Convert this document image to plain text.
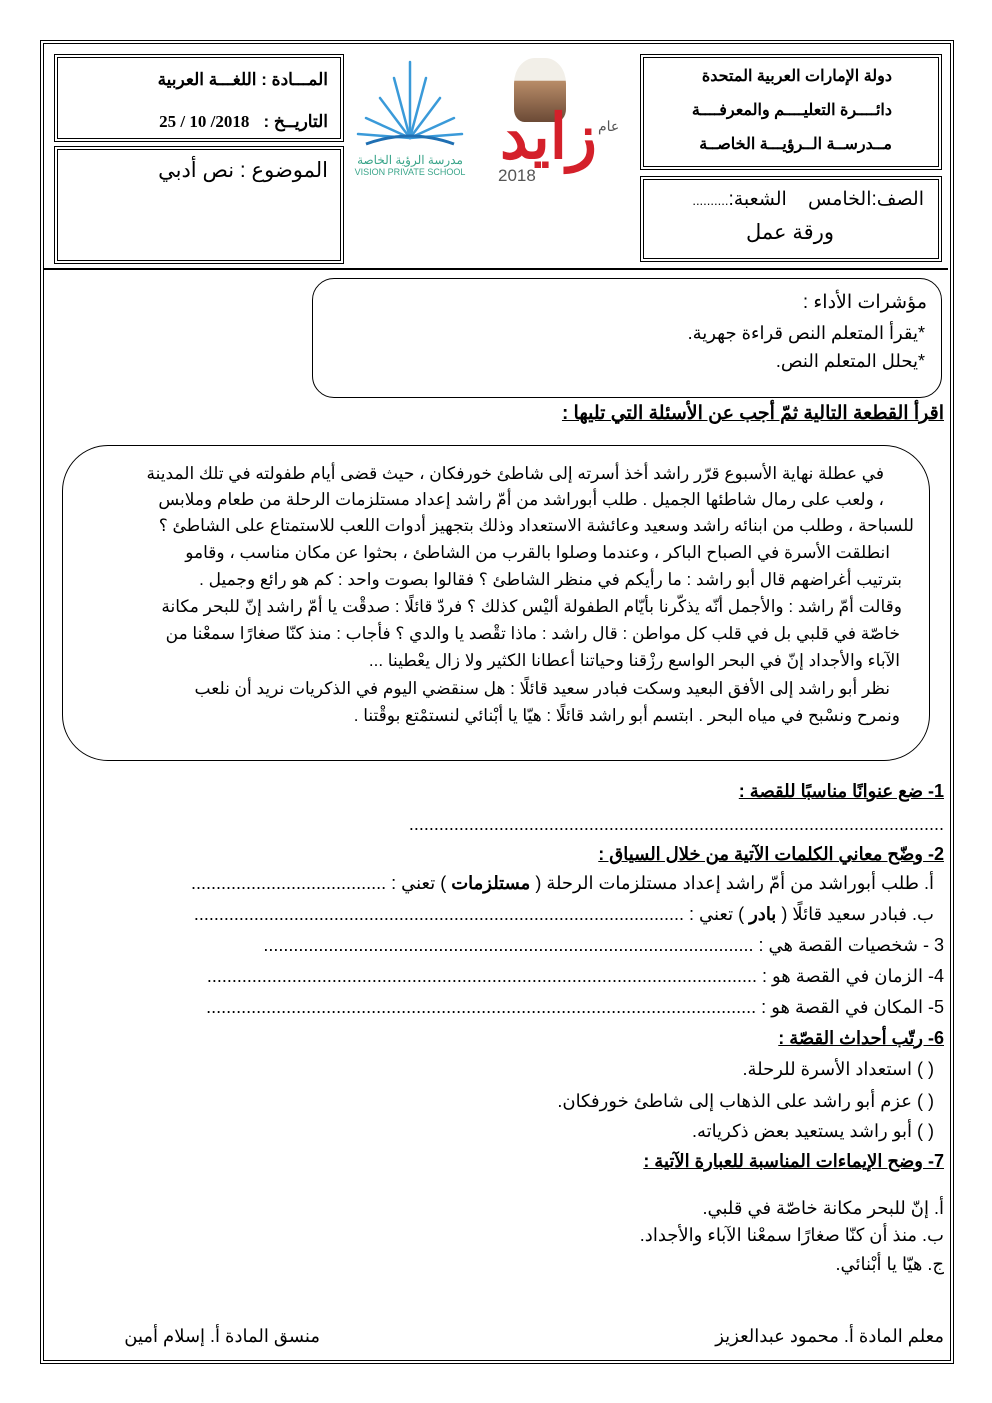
دولة الإمارات العربية المتحدة
دائــــرة التعليــــم والمعرفــــة
مــدرســة الــرؤيـــة الخاصــة
الصف:الخامس    الشعبة:..........
ورقة عمل
المـــادة : اللغـــة العربية
التاريــخ :   25 / 10 /2018
الموضوع : نص أدبي	مدرسة الرؤية الخاصة
VISION PRIVATE SCHOOL زايد عام
2018
مؤشرات الأداء :
*يقرأ المتعلم النص قراءة جهرية.
*يحلل المتعلم النص.
اقرأ القطعة التالية ثمّ أجب عن الأسئلة التي تليها :
في عطلة نهاية الأسبوع قرّر راشد أخذ أسرته إلى شاطئ خورفكان ، حيث قضى أيام طفولته في تلك المدينة
، ولعب على رمال شاطئها الجميل . طلب أبوراشد من أمّ راشد إعداد مستلزمات الرحلة من طعام وملابس
للسباحة ، وطلب من ابنائه راشد وسعيد وعائشة الاستعداد وذلك بتجهيز أدوات اللعب للاستمتاع على الشاطئ ؟
انطلقت الأسرة في الصباح الباكر ، وعندما وصلوا بالقرب من الشاطئ ، بحثوا عن مكان مناسب ، وقامو
بترتيب أغراضهم قال أبو راشد : ما رأيكم في منظر الشاطئ ؟ فقالوا بصوت واحد : كم هو رائع وجميل .
وقالت أمّ راشد : والأجمل أنّه يذكّرنا بأيّام الطفولة أليْس كذلك ؟ فردّ قائلًا : صدقْت يا أمّ راشد إنّ للبحر مكانة
خاصّة في قلبي بل في قلب كل مواطن : قال راشد : ماذا تقْصد يا والدي ؟ فأجاب : منذ كنّا صغارًا سمعْنا من
الآباء والأجداد إنّ في البحر الواسع رزْقنا وحياتنا أعطانا الكثير ولا زال يعْطينا ...
نظر أبو راشد إلى الأفق البعيد وسكت فبادر سعيد قائلًا : هل سنقضي اليوم في الذكريات نريد أن نلعب
ونمرح ونسْبح في مياه البحر . ابتسم أبو راشد قائلًا : هيّا يا أبْنائي لنستمْتع بوقْتنا .
1- ضع عنوانًا مناسبًا للقصة :
...........................................................................................................
2- وضّح معاني الكلمات الآتية من خلال السياق :
أ. طلب أبوراشد من أمّ راشد إعداد مستلزمات الرحلة ( مستلزمات ) تعني : .......................................
ب. فبادر سعيد قائلًا ( بادر ) تعني : ..................................................................................................
3 - شخصيات القصة هي : ..................................................................................................
4- الزمان في القصة هو : ..............................................................................................................
5- المكان في القصة هو : ..............................................................................................................
6- رتّب أحداث القصّة :
( ) استعداد الأسرة للرحلة.
( ) عزم أبو راشد على الذهاب إلى شاطئ خورفكان.
( ) أبو راشد يستعيد بعض ذكرياته.
7- وضح الإيماءات المناسبة للعبارة الآتية :
أ. إنّ للبحر مكانة خاصّة في قلبي.
ب. منذ أن كنّا صغارًا سمعْنا الآباء والأجداد.
ج. هيّا يا أبْنائي.
معلم المادة أ. محمود عبدالعزيز
منسق المادة أ. إسلام أمين
